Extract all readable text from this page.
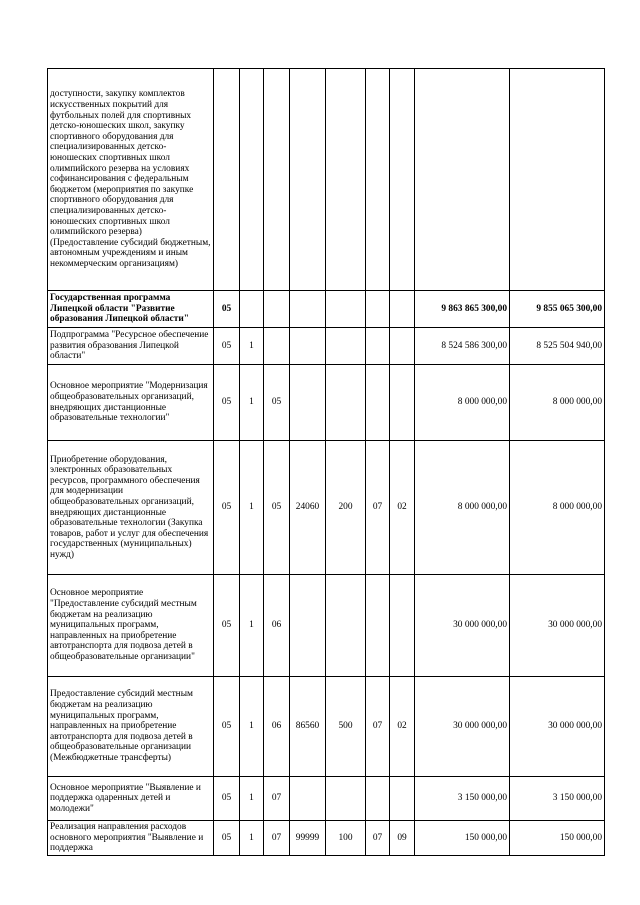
доступности, закупку комплектов искусственных покрытий для футбольных полей для спортивных детско-юношеских школ, закупку спортивного оборудования для специализированных детско-юношеских спортивных школ олимпийского резерва на условиях софинансирования с федеральным бюджетом (мероприятия по закупке спортивного оборудования для специализированных детско-юношеских спортивных школ олимпийского резерва) (Предоставление субсидий бюджетным, автономным учреждениям и иным некоммерческим организациям)									
Государственная программа Липецкой области "Развитие образования Липецкой области"	05							9 863 865 300,00	9 855 065 300,00
Подпрограмма "Ресурсное обеспечение развития образования Липецкой области"	05	1						8 524 586 300,00	8 525 504 940,00
Основное мероприятие "Модернизация общеобразовательных организаций, внедряющих дистанционные образовательные технологии"	05	1	05					8 000 000,00	8 000 000,00
Приобретение оборудования, электронных образовательных ресурсов, программного обеспечения для модернизации общеобразовательных организаций, внедряющих дистанционные образовательные технологии (Закупка товаров, работ и услуг для обеспечения государственных (муниципальных) нужд)	05	1	05	24060	200	07	02	8 000 000,00	8 000 000,00
Основное мероприятие "Предоставление субсидий местным бюджетам на реализацию муниципальных программ, направленных на приобретение автотранспорта для подвоза детей в общеобразовательные организации"	05	1	06					30 000 000,00	30 000 000,00
Предоставление субсидий местным бюджетам на реализацию муниципальных программ, направленных на приобретение автотранспорта для подвоза детей в общеобразовательные организации (Межбюджетные трансферты)	05	1	06	86560	500	07	02	30 000 000,00	30 000 000,00
Основное мероприятие "Выявление и поддержка одаренных детей и молодежи"	05	1	07					3 150 000,00	3 150 000,00
Реализация направления расходов основного мероприятия "Выявление и поддержка	05	1	07	99999	100	07	09	150 000,00	150 000,00
